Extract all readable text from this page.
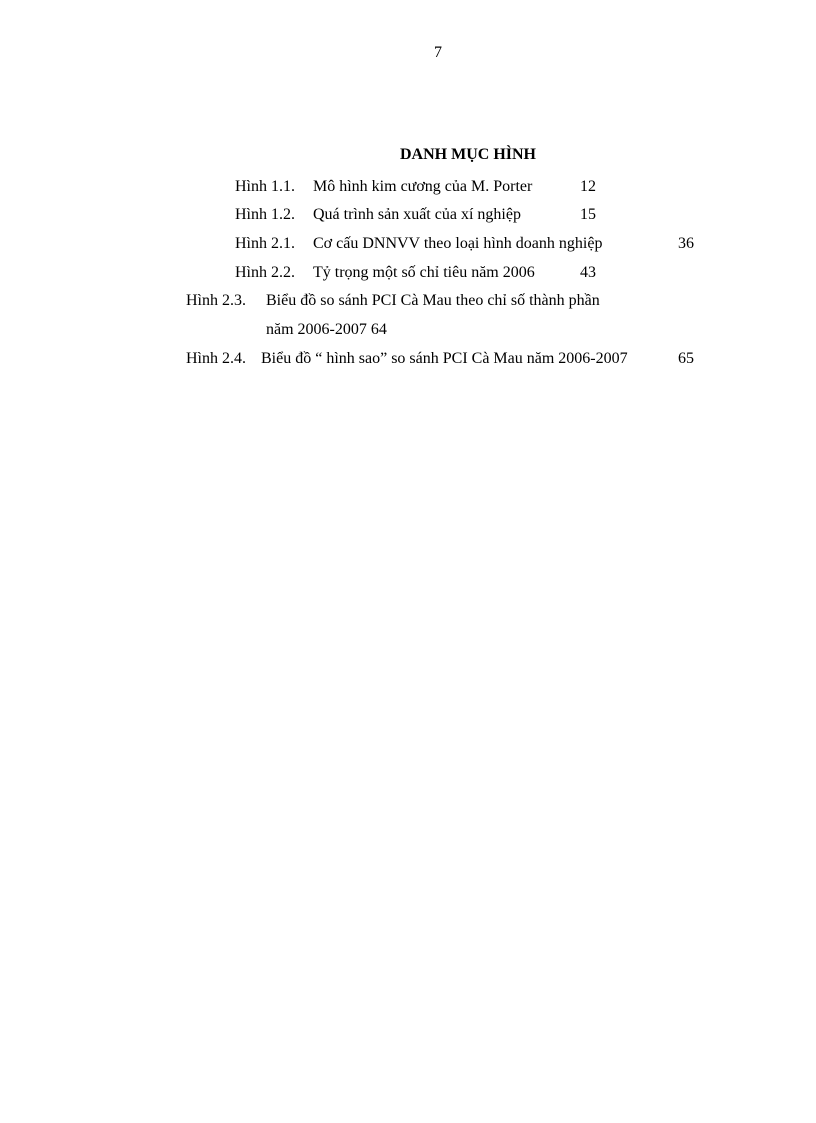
7
DANH MỤC HÌNH
Hình 1.1. Mô hình kim cương của M. Porter	12
Hình 1.2. Quá trình sản xuất của xí nghiệp	15
Hình 2.1. Cơ cấu DNNVV theo loại hình doanh nghiệp	36
Hình 2.2. Tỷ trọng một số chỉ tiêu năm 2006	43
Hình 2.3. Biểu đồ so sánh PCI Cà Mau theo chỉ số thành phần
năm 2006-2007 64
Hình 2.4. Biểu đồ “ hình sao” so sánh PCI Cà Mau năm 2006-2007	65
